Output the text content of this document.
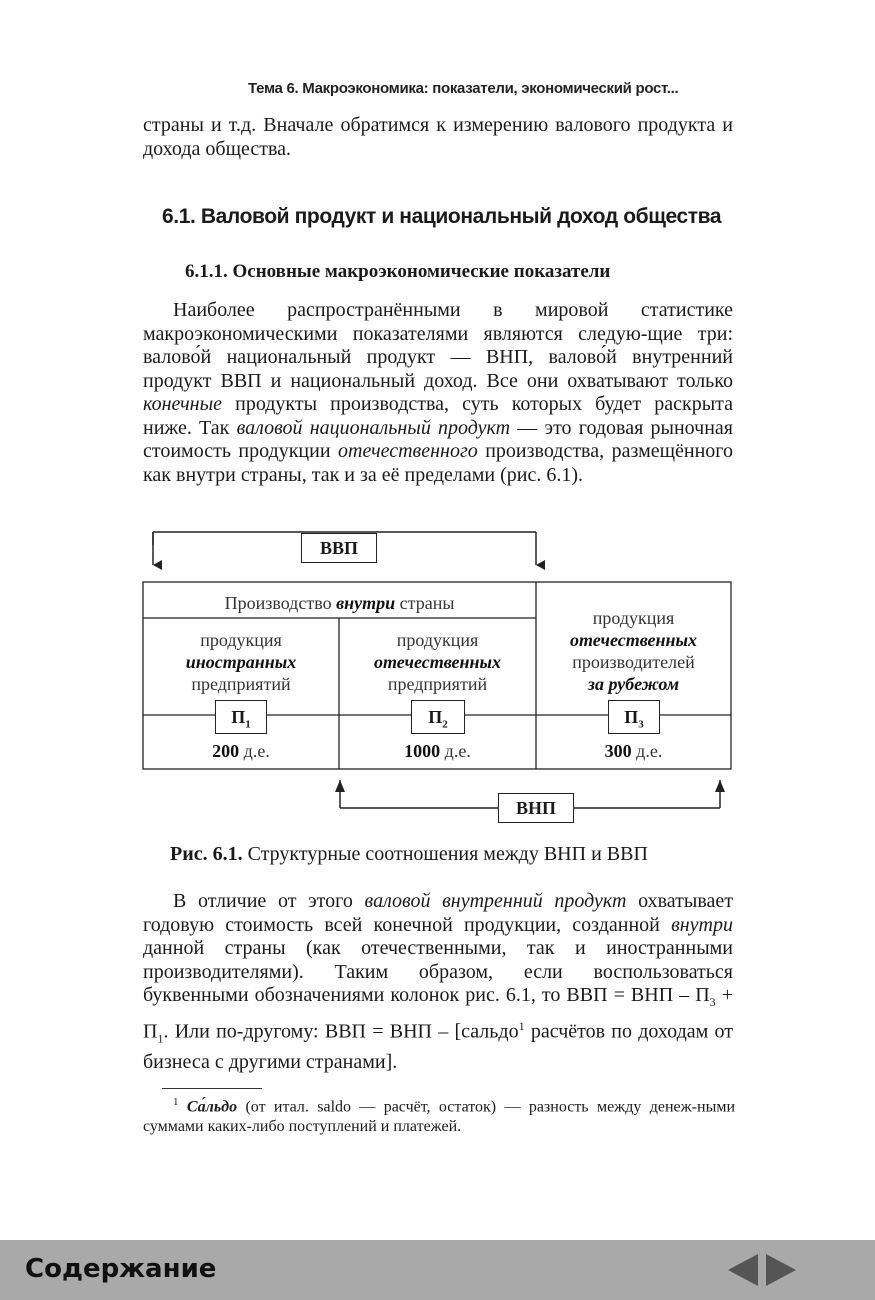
Тема 6. Макроэкономика: показатели, экономический рост...

страны и т.д. Вначале обратимся к измерению валового продукта и дохода общества.

6.1. Валовой продукт и национальный доход общества
6.1.1. Основные макроэкономические показатели

Наиболее распространёнными в мировой статистике макроэкономическими показателями являются следую-щие три: валово́й национальный продукт — ВНП, валово́й внутренний продукт ВВП и национальный доход. Все они охватывают только конечные продукты производства, суть которых будет раскрыта ниже. Так валовой национальный продукт — это годовая рыночная стоимость продукции отечественного производства, размещённого как внутри страны, так и за её пределами (рис. 6.1).

ВВП
Производство внутри страны
продукция
иностранных
предприятий
$П_1$
200 д.е.
продукция
отечественных
предприятий
$П_2$
1000 д.е.
продукция
отечественных
производителей
за рубежом
$П_3$
300 д.е.
ВНП

Рис. 6.1. Структурные соотношения между ВНП и ВВП

В отличие от этого валовой внутренний продукт охватывает годовую стоимость всей конечной продукции, созданной внутри данной страны (как отечественными, так и иностранными производителями). Таким образом, если воспользоваться буквенными обозначениями колонок рис. 6.1, то ВВП = ВНП – $П_3 + П_1$. Или по-другому: ВВП = ВНП – [сальдо$^1$ расчётов по доходам от бизнеса с другими странами].

$^1$ Са́льдо (от итал. saldo — расчёт, остаток) — разность между денеж-ными суммами каких-либо поступлений и платежей.

Содержание
